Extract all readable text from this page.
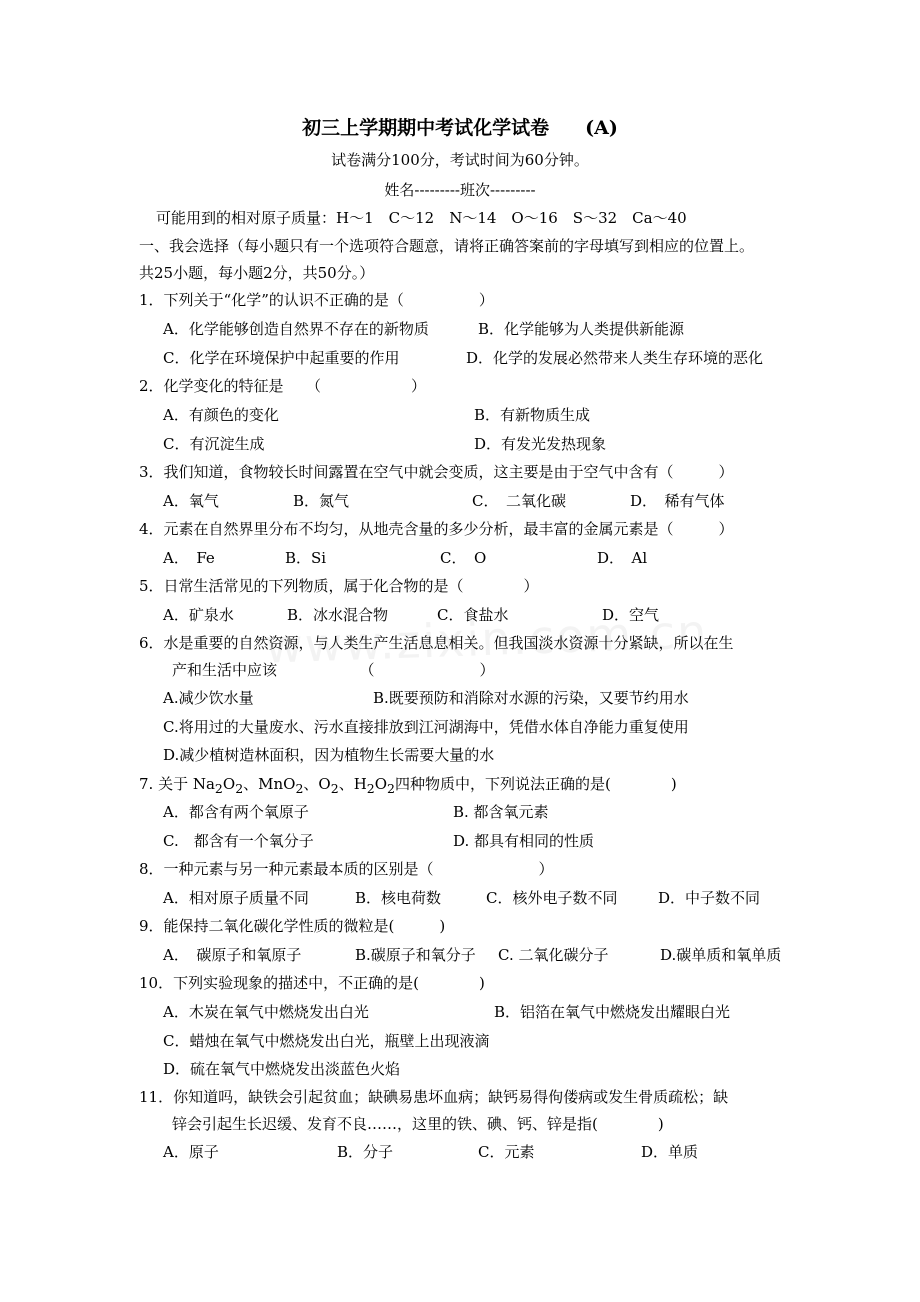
初三上学期期中考试化学试卷 (A)
试卷满分100分，考试时间为60分钟。
姓名---------班次---------
可能用到的相对原子质量：H～1　C～12　N～14　O～16　S～32　Ca～40
一、我会选择（每小题只有一个选项符合题意，请将正确答案前的字母填写到相应的位置上。
共25小题，每小题2分，共50分。）
1．下列关于“化学”的认识不正确的是（　　　　　）
A．化学能够创造自然界不存在的新物质	B．化学能够为人类提供新能源
C．化学在环境保护中起重要的作用	D．化学的发展必然带来人类生存环境的恶化
2．化学变化的特征是　　（　　　　　　）
A．有颜色的变化	B．有新物质生成
C．有沉淀生成	D．有发光发热现象
3．我们知道，食物较长时间露置在空气中就会变质，这主要是由于空气中含有（　　　）
A．氧气	B．氮气	C．　二氧化碳	D．　稀有气体
4．元素在自然界里分布不均匀，从地壳含量的多少分析，最丰富的金属元素是（　　　）
A．　Fe	B．Si	C．　O	D．　Al
5．日常生活常见的下列物质，属于化合物的是（　　　　）
A．矿泉水	B．冰水混合物	C．食盐水	D．空气
6．水是重要的自然资源，与人类生产生活息息相关。但我国淡水资源十分紧缺，所以在生
产和生活中应该　　　　　　（　　　　　　　）
A.减少饮水量	B.既要预防和消除对水源的污染，又要节约用水
C.将用过的大量废水、污水直接排放到江河湖海中，凭借水体自净能力重复使用
D.减少植树造林面积，因为植物生长需要大量的水
7. 关于 $Na_2O_2$、MnO$_2$、$O_2$、$H_2O_2$四种物质中，下列说法正确的是(　　　　)
A．都含有两个氧原子	B. 都含氧元素
C.　都含有一个氧分子	D. 都具有相同的性质
8．一种元素与另一种元素最本质的区别是（　　　　　　　）
A．相对原子质量不同	B．核电荷数	C．核外电子数不同	D．中子数不同
9．能保持二氧化碳化学性质的微粒是(　　　)
A．　碳原子和氧原子	B.碳原子和氧分子 C. 二氧化碳分子	D.碳单质和氧单质
10．下列实验现象的描述中，不正确的是(　　　　)
A．木炭在氧气中燃烧发出白光	B．铝箔在氧气中燃烧发出耀眼白光
C．蜡烛在氧气中燃烧发出白光，瓶壁上出现液滴
D．硫在氧气中燃烧发出淡蓝色火焰
11．你知道吗，缺铁会引起贫血；缺碘易患坏血病；缺钙易得佝偻病或发生骨质疏松；缺
锌会引起生长迟缓、发育不良……，这里的铁、碘、钙、锌是指(　　　　)
A．原子	B．分子	C．元素	D．单质
